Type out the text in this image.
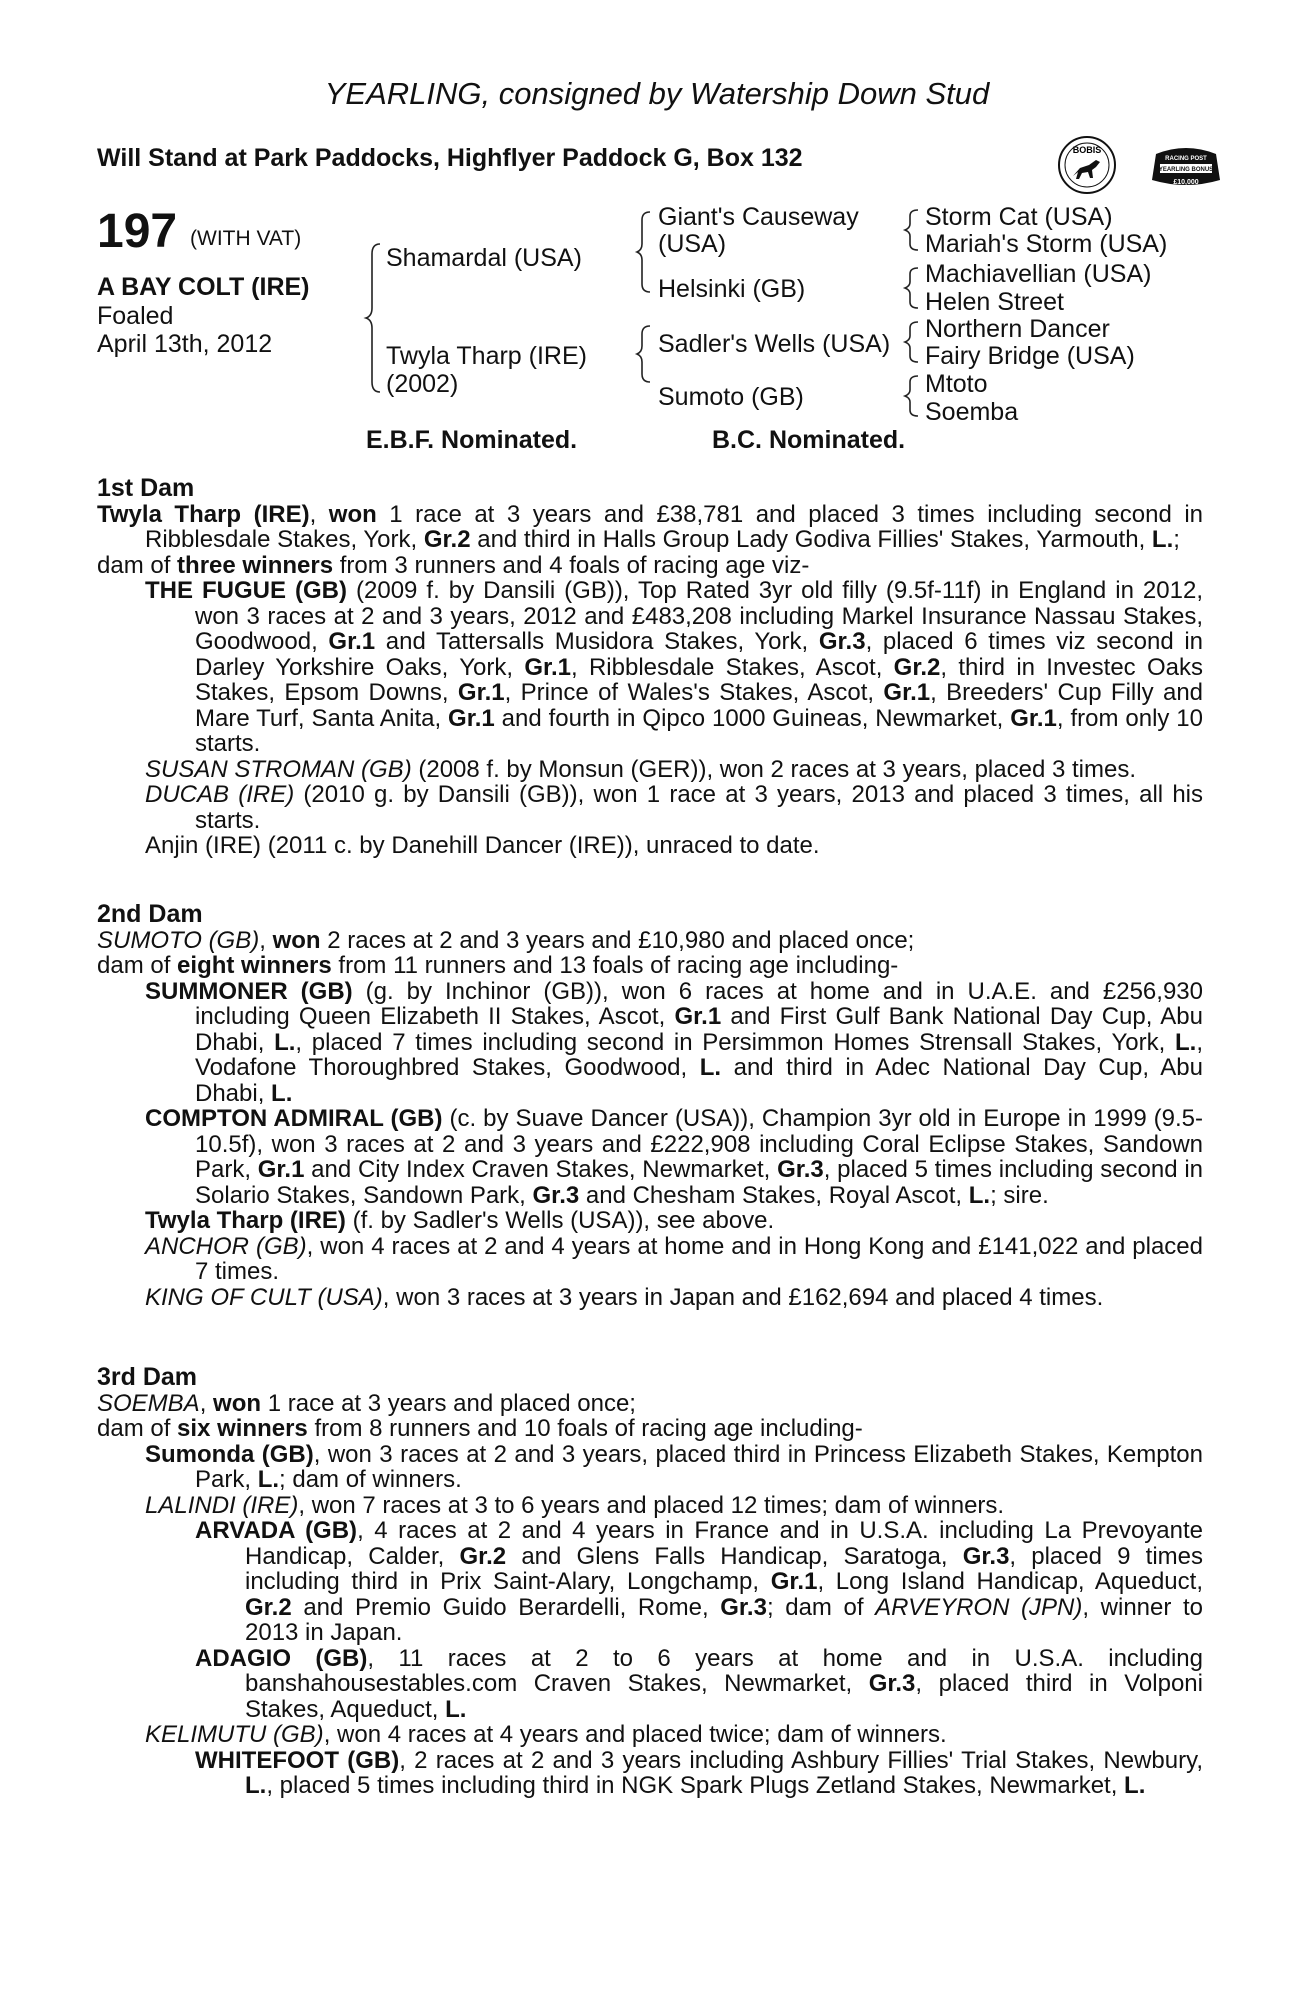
YEARLING, consigned by Watership Down Stud
Will Stand at Park Paddocks, Highflyer Paddock G, Box 132	BOBIS
RACING POST
YEARLING BONUS
£10,000
197 (WITH VAT)
A BAY COLT (IRE)
Foaled
April 13th, 2012
Shamardal (USA)
Twyla Tharp (IRE)
(2002)
Giant's Causeway
(USA)
Helsinki (GB)
Sadler's Wells (USA)
Sumoto (GB)
Storm Cat (USA)
Mariah's Storm (USA)
Machiavellian (USA)
Helen Street
Northern Dancer
Fairy Bridge (USA)
Mtoto
Soemba
E.B.F. Nominated.	B.C. Nominated.

1st Dam

Twyla Tharp (IRE), won 1 race at 3 years and £38,781 and placed 3 times including second in Ribblesdale Stakes, York, Gr.2 and third in Halls Group Lady Godiva Fillies' Stakes, Yarmouth, L.;

dam of three winners from 3 runners and 4 foals of racing age viz-

THE FUGUE (GB) (2009 f. by Dansili (GB)), Top Rated 3yr old filly (9.5f-11f) in England in 2012, won 3 races at 2 and 3 years, 2012 and £483,208 including Markel Insurance Nassau Stakes, Goodwood, Gr.1 and Tattersalls Musidora Stakes, York, Gr.3, placed 6 times viz second in Darley Yorkshire Oaks, York, Gr.1, Ribblesdale Stakes, Ascot, Gr.2, third in Investec Oaks Stakes, Epsom Downs, Gr.1, Prince of Wales's Stakes, Ascot, Gr.1, Breeders' Cup Filly and Mare Turf, Santa Anita, Gr.1 and fourth in Qipco 1000 Guineas, Newmarket, Gr.1, from only 10 starts.

SUSAN STROMAN (GB) (2008 f. by Monsun (GER)), won 2 races at 3 years, placed 3 times.

DUCAB (IRE) (2010 g. by Dansili (GB)), won 1 race at 3 years, 2013 and placed 3 times, all his starts.

Anjin (IRE) (2011 c. by Danehill Dancer (IRE)), unraced to date.

2nd Dam

SUMOTO (GB), won 2 races at 2 and 3 years and £10,980 and placed once;

dam of eight winners from 11 runners and 13 foals of racing age including-

SUMMONER (GB) (g. by Inchinor (GB)), won 6 races at home and in U.A.E. and £256,930 including Queen Elizabeth II Stakes, Ascot, Gr.1 and First Gulf Bank National Day Cup, Abu Dhabi, L., placed 7 times including second in Persimmon Homes Strensall Stakes, York, L., Vodafone Thoroughbred Stakes, Goodwood, L. and third in Adec National Day Cup, Abu Dhabi, L.

COMPTON ADMIRAL (GB) (c. by Suave Dancer (USA)), Champion 3yr old in Europe in 1999 (9.5-10.5f), won 3 races at 2 and 3 years and £222,908 including Coral Eclipse Stakes, Sandown Park, Gr.1 and City Index Craven Stakes, Newmarket, Gr.3, placed 5 times including second in Solario Stakes, Sandown Park, Gr.3 and Chesham Stakes, Royal Ascot, L.; sire.

Twyla Tharp (IRE) (f. by Sadler's Wells (USA)), see above.

ANCHOR (GB), won 4 races at 2 and 4 years at home and in Hong Kong and £141,022 and placed 7 times.

KING OF CULT (USA), won 3 races at 3 years in Japan and £162,694 and placed 4 times.

3rd Dam

SOEMBA, won 1 race at 3 years and placed once;

dam of six winners from 8 runners and 10 foals of racing age including-

Sumonda (GB), won 3 races at 2 and 3 years, placed third in Princess Elizabeth Stakes, Kempton Park, L.; dam of winners.

LALINDI (IRE), won 7 races at 3 to 6 years and placed 12 times; dam of winners.

ARVADA (GB), 4 races at 2 and 4 years in France and in U.S.A. including La Prevoyante Handicap, Calder, Gr.2 and Glens Falls Handicap, Saratoga, Gr.3, placed 9 times including third in Prix Saint-Alary, Longchamp, Gr.1, Long Island Handicap, Aqueduct, Gr.2 and Premio Guido Berardelli, Rome, Gr.3; dam of ARVEYRON (JPN), winner to 2013 in Japan.

ADAGIO (GB), 11 races at 2 to 6 years at home and in U.S.A. including banshahousestables.com Craven Stakes, Newmarket, Gr.3, placed third in Volponi Stakes, Aqueduct, L.

KELIMUTU (GB), won 4 races at 4 years and placed twice; dam of winners.

WHITEFOOT (GB), 2 races at 2 and 3 years including Ashbury Fillies' Trial Stakes, Newbury, L., placed 5 times including third in NGK Spark Plugs Zetland Stakes, Newmarket, L.
